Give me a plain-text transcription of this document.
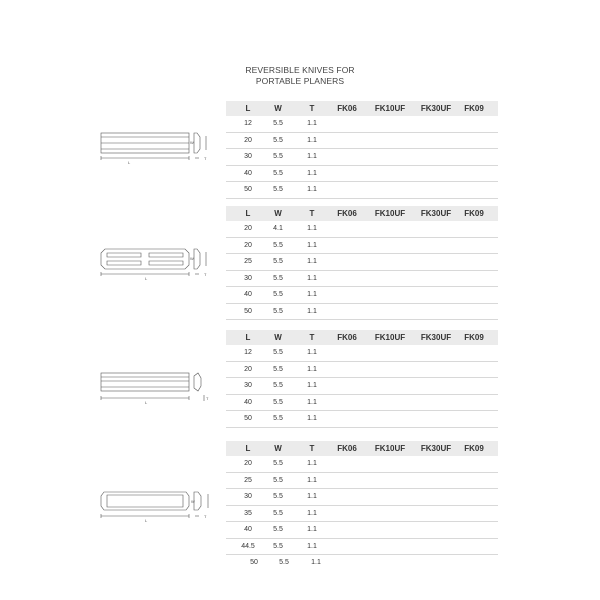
REVERSIBLE KNIVES FOR
PORTABLE PLANERS
L	W	T	FK06	FK10UF	FK30UF	FK09
12	5.5	1.1
20	5.5	1.1
30	5.5	1.1
40	5.5	1.1
50	5.5	1.1
L	W	T	FK06	FK10UF	FK30UF	FK09
20	4.1	1.1
20	5.5	1.1
25	5.5	1.1
30	5.5	1.1
40	5.5	1.1
50	5.5	1.1
L	W	T	FK06	FK10UF	FK30UF	FK09
12	5.5	1.1
20	5.5	1.1
30	5.5	1.1
40	5.5	1.1
50	5.5	1.1
L	W	T	FK06	FK10UF	FK30UF	FK09
20	5.5	1.1
25	5.5	1.1
30	5.5	1.1
35	5.5	1.1
40	5.5	1.1
44.5	5.5	1.1
50	5.5	1.1
L
W
T
L
W
T
L
T
L
W
T
